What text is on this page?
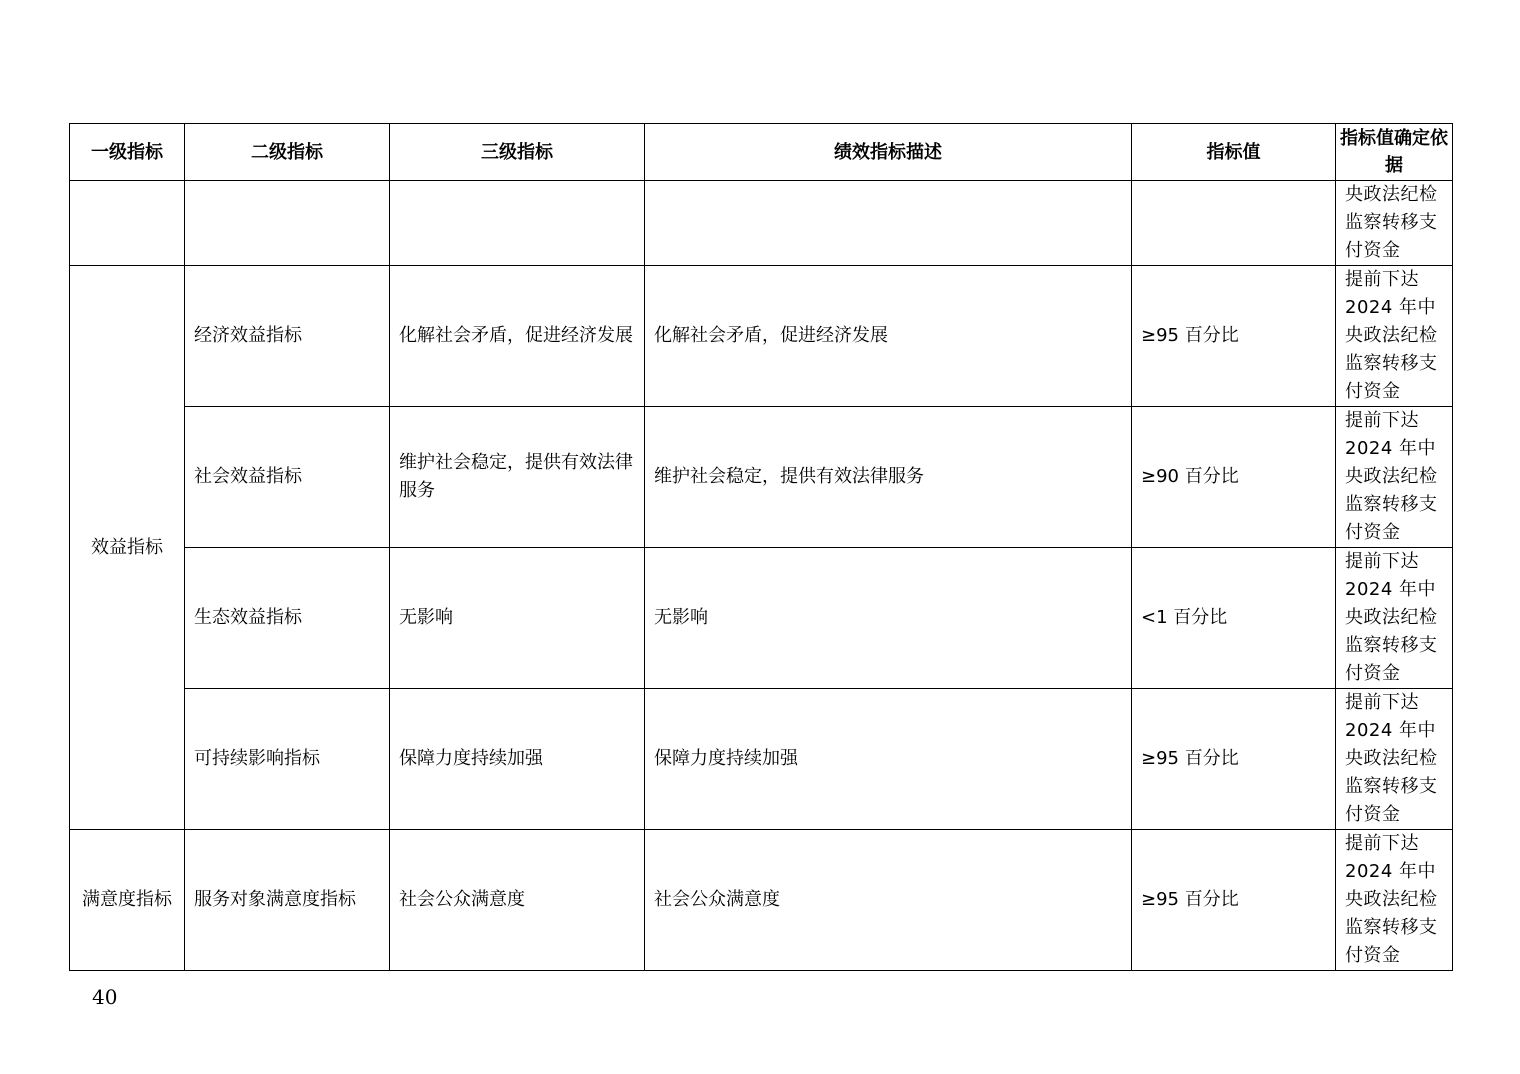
一级指标	二级指标	三级指标	绩效指标描述	指标值	指标值确定依据
					央政法纪检监察转移支付资金
效益指标	经济效益指标	化解社会矛盾，促进经济发展	化解社会矛盾，促进经济发展	≥95 百分比	提前下达 2024 年中央政法纪检监察转移支付资金
	社会效益指标	维护社会稳定，提供有效法律服务	维护社会稳定，提供有效法律服务	≥90 百分比	提前下达 2024 年中央政法纪检监察转移支付资金
	生态效益指标	无影响	无影响	<1 百分比	提前下达 2024 年中央政法纪检监察转移支付资金
	可持续影响指标	保障力度持续加强	保障力度持续加强	≥95 百分比	提前下达 2024 年中央政法纪检监察转移支付资金
满意度指标	服务对象满意度指标	社会公众满意度	社会公众满意度	≥95 百分比	提前下达 2024 年中央政法纪检监察转移支付资金
40
